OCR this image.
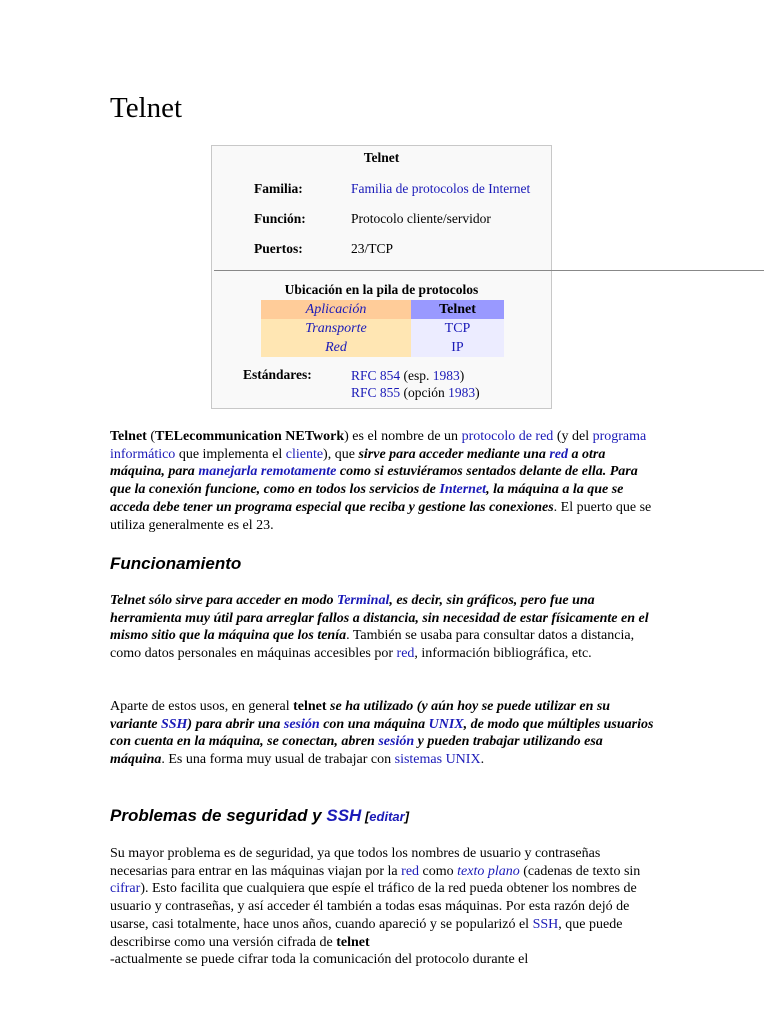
Telnet
Telnet
Familia:	Familia de protocolos de Internet
Función:	Protocolo cliente/servidor
Puertos:	23/TCP
Ubicación en la pila de protocolos
Aplicación	Telnet
Transporte	TCP
Red	IP
Estándares:	RFC 854 (esp. 1983)
RFC 855 (opción 1983)

Telnet (TELecommunication NETwork) es el nombre de un protocolo de red (y del programa informático que implementa el cliente), que sirve para acceder mediante una red a otra máquina, para manejarla remotamente como si estuviéramos sentados delante de ella. Para que la conexión funcione, como en todos los servicios de Internet, la máquina a la que se acceda debe tener un programa especial que reciba y gestione las conexiones. El puerto que se utiliza generalmente es el 23.

Funcionamiento

Telnet sólo sirve para acceder en modo Terminal, es decir, sin gráficos, pero fue una herramienta muy útil para arreglar fallos a distancia, sin necesidad de estar físicamente en el mismo sitio que la máquina que los tenía. También se usaba para consultar datos a distancia, como datos personales en máquinas accesibles por red, información bibliográfica, etc.

Aparte de estos usos, en general telnet se ha utilizado (y aún hoy se puede utilizar en su variante SSH) para abrir una sesión con una máquina UNIX, de modo que múltiples usuarios con cuenta en la máquina, se conectan, abren sesión y pueden trabajar utilizando esa máquina. Es una forma muy usual de trabajar con sistemas UNIX.

Problemas de seguridad y SSH [editar]

Su mayor problema es de seguridad, ya que todos los nombres de usuario y contraseñas necesarias para entrar en las máquinas viajan por la red como texto plano (cadenas de texto sin cifrar). Esto facilita que cualquiera que espíe el tráfico de la red pueda obtener los nombres de usuario y contraseñas, y así acceder él también a todas esas máquinas. Por esta razón dejó de usarse, casi totalmente, hace unos años, cuando apareció y se popularizó el SSH, que puede describirse como una versión cifrada de telnet
-actualmente se puede cifrar toda la comunicación del protocolo durante el
